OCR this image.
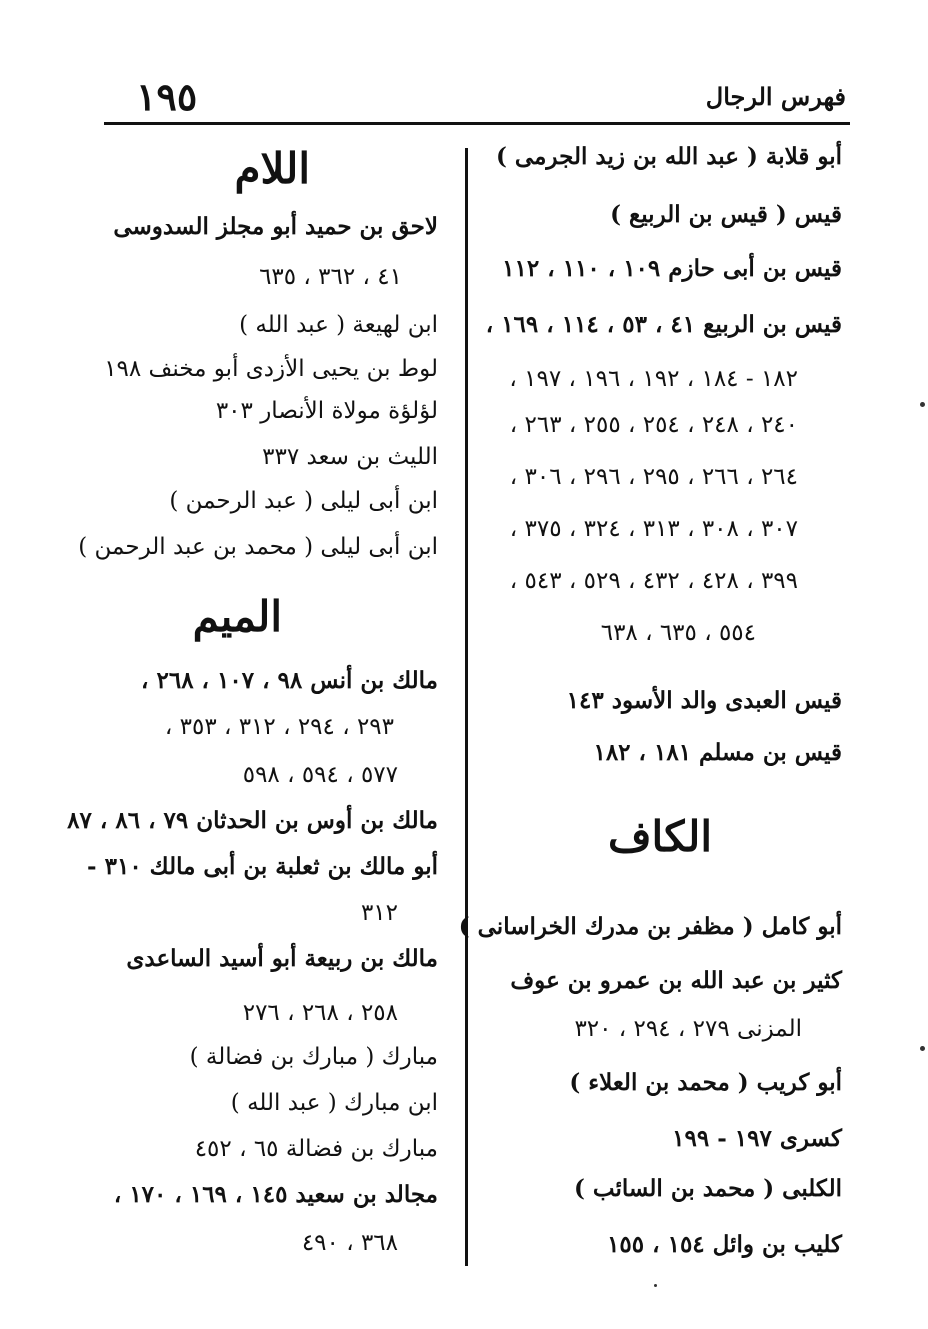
١٩٥	فهرس الرجال
أبو قلابة ( عبد الله بن زيد الجرمى )
قيس ( قيس بن الربيع )
قيس بن أبى حازم ١٠٩ ، ١١٠ ، ١١٢
قيس بن الربيع ٤١ ، ٥٣ ، ١١٤ ، ١٦٩ ،
١٨٢ - ١٨٤ ، ١٩٢ ، ١٩٦ ، ١٩٧ ،
٢٤٠ ، ٢٤٨ ، ٢٥٤ ، ٢٥٥ ، ٢٦٣ ،
٢٦٤ ، ٢٦٦ ، ٢٩٥ ، ٢٩٦ ، ٣٠٦ ،
٣٠٧ ، ٣٠٨ ، ٣١٣ ، ٣٢٤ ، ٣٧٥ ،
٣٩٩ ، ٤٢٨ ، ٤٣٢ ، ٥٢٩ ، ٥٤٣ ،
٥٥٤ ، ٦٣٥ ، ٦٣٨
قيس العبدى والد الأسود ١٤٣
قيس بن مسلم ١٨١ ، ١٨٢
الكاف
أبو كامل ( مظفر بن مدرك الخراسانى )
كثير بن عبد الله بن عمرو بن عوف
المزنى ٢٧٩ ، ٢٩٤ ، ٣٢٠
أبو كريب ( محمد بن العلاء )
كسرى ١٩٧ - ١٩٩
الكلبى ( محمد بن السائب )
كليب بن وائل ١٥٤ ، ١٥٥
اللام
لاحق بن حميد أبو مجلز السدوسى
٤١ ، ٣٦٢ ، ٦٣٥
ابن لهيعة ( عبد الله )
لوط بن يحيى الأزدى أبو مخنف ١٩٨
لؤلؤة مولاة الأنصار ٣٠٣
الليث بن سعد ٣٣٧
ابن أبى ليلى ( عبد الرحمن )
ابن أبى ليلى ( محمد بن عبد الرحمن )
الميم
مالك بن أنس ٩٨ ، ١٠٧ ، ٢٦٨ ،
٢٩٣ ، ٢٩٤ ، ٣١٢ ، ٣٥٣ ،
٥٧٧ ، ٥٩٤ ، ٥٩٨
مالك بن أوس بن الحدثان ٧٩ ، ٨٦ ، ٨٧
أبو مالك بن ثعلبة بن أبى مالك ٣١٠ -
٣١٢
مالك بن ربيعة أبو أسيد الساعدى
٢٥٨ ، ٢٦٨ ، ٢٧٦
مبارك ( مبارك بن فضالة )
ابن مبارك ( عبد الله )
مبارك بن فضالة ٦٥ ، ٤٥٢
مجالد بن سعيد ١٤٥ ، ١٦٩ ، ١٧٠ ،
٣٦٨ ، ٤٩٠
